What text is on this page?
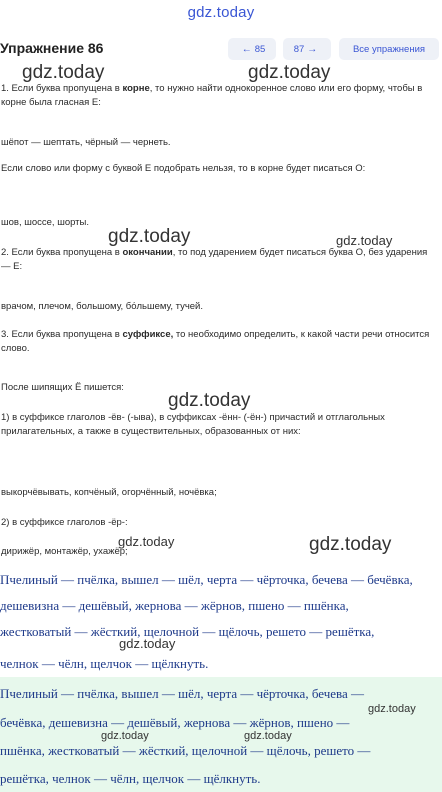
gdz.today
Упражнение 86	← 85	87 →	Все упражнения
gdz.today	gdz.today
gdz.today	gdz.today
gdz.today
gdz.today	gdz.today
gdz.today
1. Если буква пропущена в корне, то нужно найти однокоренное слово или его форму, чтобы в корне была гласная Е:
шёпот — шептать, чёрный — чернеть.
Если слово или форму с буквой Е подобрать нельзя, то в корне будет писаться О:
шов, шоссе, шорты.
2. Если буква пропущена в окончании, то под ударением будет писаться буква О, без ударения — Е:
врачом, плечом, большому, бόльшему, тучей.
3. Если буква пропущена в суффиксе, то необходимо определить, к какой части речи относится слово.
После шипящих Ё пишется:
1) в суффиксе глаголов -ёв- (-ыва), в суффиксах -ённ- (-ён-) причастий и отглагольных прилагательных, а также в существительных, образованных от них:
выкорчёвывать, копчёный, огорчённый, ночёвка;
2) в суффиксе глаголов -ёр-:
дирижёр, монтажёр, ухажёр;
Пчелиный — пчёлка, вышел — шёл, черта — чёрточка, бечева — бечёвка,
дешевизна — дешёвый, жернова — жёрнов, пшено — пшёнка,
жестковатый — жёсткий, щелочной — щёлочь, решето — решётка,
челнок — чёлн, щелчок — щёлкнуть.
Пчелиный — пчёлка, вышел — шёл, черта — чёрточка, бечева —
бечёвка, дешевизна — дешёвый, жернова — жёрнов, пшено —
пшёнка, жестковатый — жёсткий, щелочной — щёлочь, решето —
решётка, челнок — чёлн, щелчок — щёлкнуть.
gdz.today
gdz.today	gdz.today
